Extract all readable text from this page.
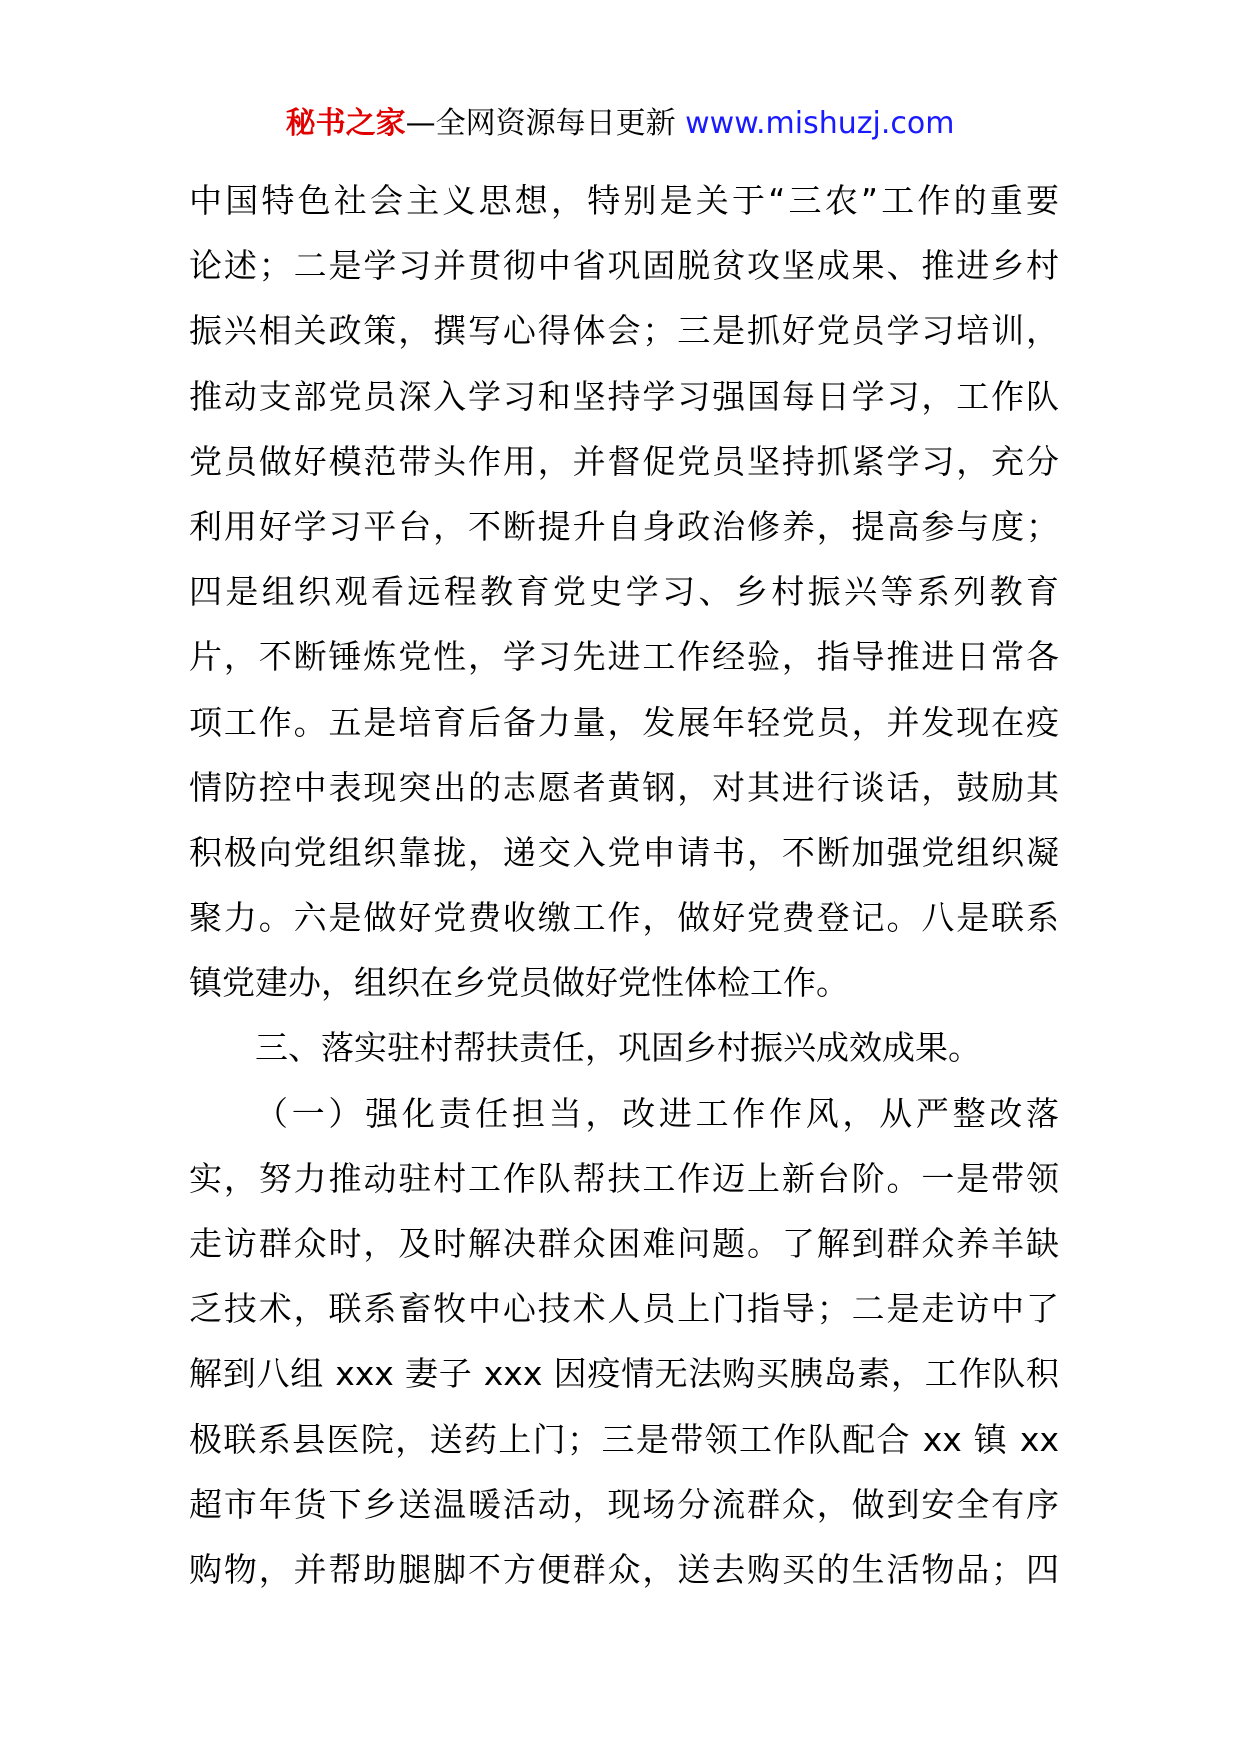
秘书之家—全网资源每日更新 www.mishuzj.com
中国特色社会主义思想，特别是关于“三农”工作的重要
论述；二是学习并贯彻中省巩固脱贫攻坚成果、推进乡村
振兴相关政策，撰写心得体会；三是抓好党员学习培训，
推动支部党员深入学习和坚持学习强国每日学习，工作队
党员做好模范带头作用，并督促党员坚持抓紧学习，充分
利用好学习平台，不断提升自身政治修养，提高参与度；
四是组织观看远程教育党史学习、乡村振兴等系列教育
片，不断锤炼党性，学习先进工作经验，指导推进日常各
项工作。五是培育后备力量，发展年轻党员，并发现在疫
情防控中表现突出的志愿者黄钢，对其进行谈话，鼓励其
积极向党组织靠拢，递交入党申请书，不断加强党组织凝
聚力。六是做好党费收缴工作，做好党费登记。八是联系
镇党建办，组织在乡党员做好党性体检工作。
三、落实驻村帮扶责任，巩固乡村振兴成效成果。
（一）强化责任担当，改进工作作风，从严整改落
实，努力推动驻村工作队帮扶工作迈上新台阶。一是带领
走访群众时，及时解决群众困难问题。了解到群众养羊缺
乏技术，联系畜牧中心技术人员上门指导；二是走访中了
解到八组 xxx 妻子 xxx 因疫情无法购买胰岛素，工作队积
极联系县医院，送药上门；三是带领工作队配合 xx 镇 xx
超市年货下乡送温暖活动，现场分流群众，做到安全有序
购物，并帮助腿脚不方便群众，送去购买的生活物品；四
